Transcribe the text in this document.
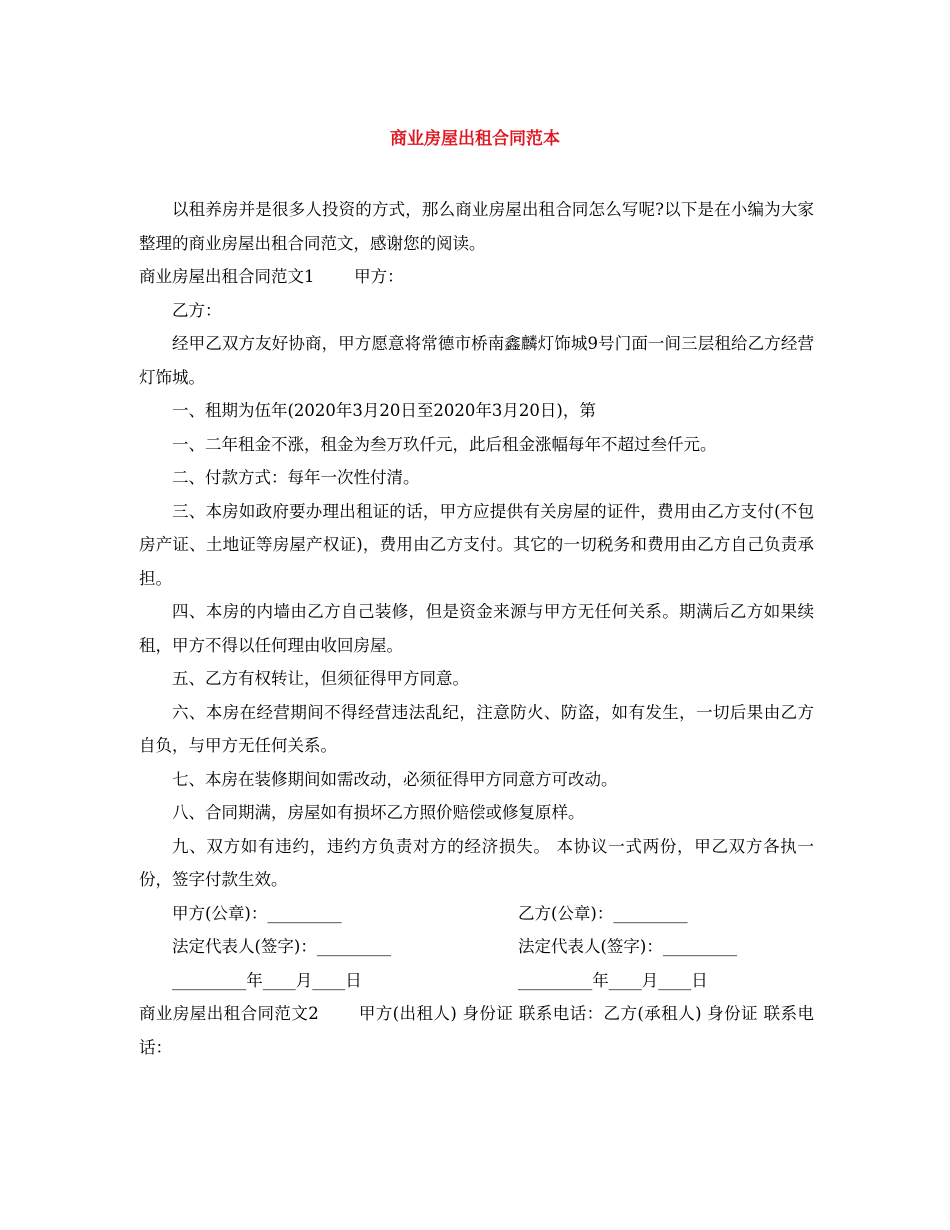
商业房屋出租合同范本

以租养房并是很多人投资的方式，那么商业房屋出租合同怎么写呢?以下是在小编为大家整理的商业房屋出租合同范文，感谢您的阅读。

商业房屋出租合同范文1 甲方：

乙方：

经甲乙双方友好协商，甲方愿意将常德市桥南鑫麟灯饰城9号门面一间三层租给乙方经营灯饰城。

一、租期为伍年(2020年3月20日至2020年3月20日)，第

一、二年租金不涨，租金为叁万玖仟元，此后租金涨幅每年不超过叁仟元。

二、付款方式：每年一次性付清。

三、本房如政府要办理出租证的话，甲方应提供有关房屋的证件，费用由乙方支付(不包房产证、土地证等房屋产权证)，费用由乙方支付。其它的一切税务和费用由乙方自己负责承担。

四、本房的内墙由乙方自己装修，但是资金来源与甲方无任何关系。期满后乙方如果续租，甲方不得以任何理由收回房屋。

五、乙方有权转让，但须征得甲方同意。

六、本房在经营期间不得经营违法乱纪，注意防火、防盗，如有发生，一切后果由乙方自负，与甲方无任何关系。

七、本房在装修期间如需改动，必须征得甲方同意方可改动。

八、合同期满，房屋如有损坏乙方照价赔偿或修复原样。

九、双方如有违约，违约方负责对方的经济损失。 本协议一式两份，甲乙双方各执一份，签字付款生效。

甲方(公章)：_________	乙方(公章)：_________
法定代表人(签字)：_________	法定代表人(签字)：_________
_________年____月____日	_________年____月____日

商业房屋出租合同范文2 甲方(出租人) 身份证 联系电话：乙方(承租人) 身份证 联系电话：
